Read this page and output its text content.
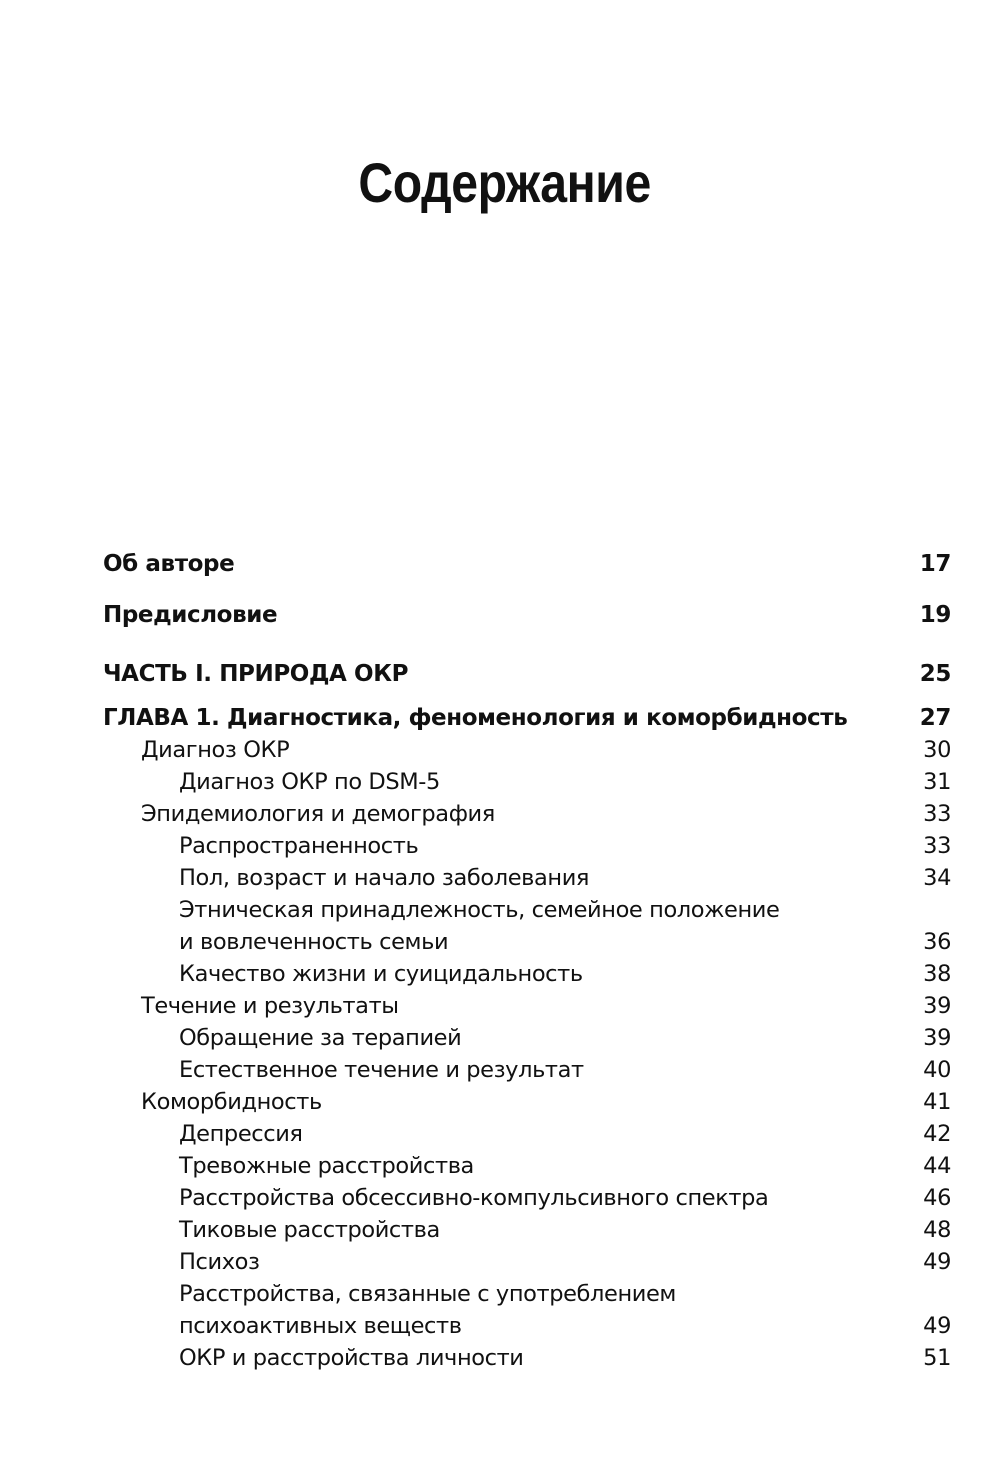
Содержание
Об авторе	17
Предисловие	19
ЧАСТЬ I. ПРИРОДА ОКР	25
ГЛАВА 1. Диагностика, феноменология и коморбидность	27
Диагноз ОКР	30
Диагноз ОКР по DSM-5	31
Эпидемиология и демография	33
Распространенность	33
Пол, возраст и начало заболевания	34
Этническая принадлежность, семейное положение
и вовлеченность семьи	36
Качество жизни и суицидальность	38
Течение и результаты	39
Обращение за терапией	39
Естественное течение и результат	40
Коморбидность	41
Депрессия	42
Тревожные расстройства	44
Расстройства обсессивно-компульсивного спектра	46
Тиковые расстройства	48
Психоз	49
Расстройства, связанные с употреблением
психоактивных веществ	49
ОКР и расстройства личности	51
